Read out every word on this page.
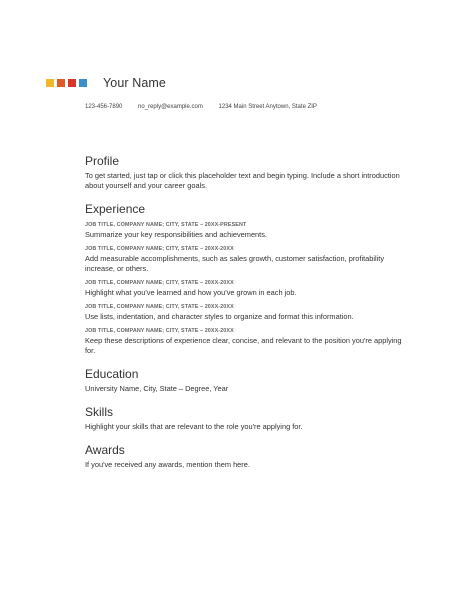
Your Name
123-456-7890	no_reply@example.com	1234 Main Street Anytown, State ZIP
Profile

To get started, just tap or click this placeholder text and begin typing. Include a short introduction about yourself and your career goals.

Experience
JOB TITLE, COMPANY NAME; CITY, STATE – 20XX-PRESENT

Summarize your key responsibilities and achievements.

JOB TITLE, COMPANY NAME; CITY, STATE – 20XX-20XX

Add measurable accomplishments, such as sales growth, customer satisfaction, profitability increase, or others.

JOB TITLE, COMPANY NAME; CITY, STATE – 20XX-20XX

Highlight what you've learned and how you've grown in each job.

JOB TITLE, COMPANY NAME; CITY, STATE – 20XX-20XX

Use lists, indentation, and character styles to organize and format this information.

JOB TITLE, COMPANY NAME; CITY, STATE – 20XX-20XX

Keep these descriptions of experience clear, concise, and relevant to the position you're applying for.

Education

University Name, City, State – Degree, Year

Skills

Highlight your skills that are relevant to the role you're applying for.

Awards

If you've received any awards, mention them here.
